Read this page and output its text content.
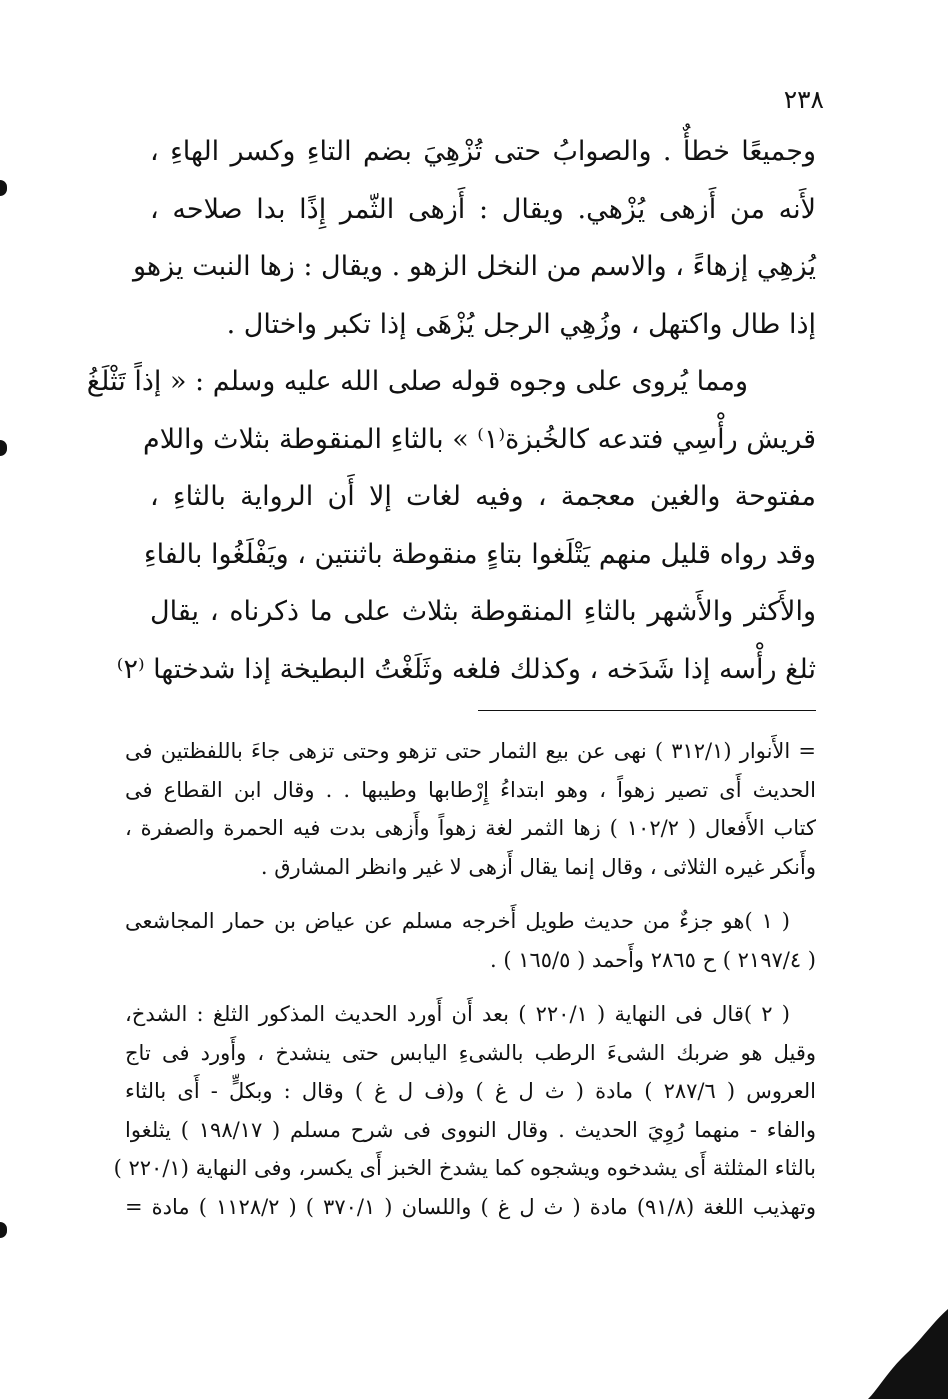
٢٣٨
وجميعًا خطأٌ . والصوابُ حتى تُزْهِيَ بضم التاءِ وكسر الهاءِ ،
لأَنه من أَزهى يُزْهي. ويقال : أَزهى الثّمر إِذًا بدا صلاحه ،
يُزهِي إزهاءً ، والاسم من النخل الزهو . ويقال : زها النبت يزهو
إذا طال واكتهل ، وزُهِي الرجل يُزْهَى إذا تكبر واختال .
ومما يُروى على وجوه قوله صلى الله عليه وسلم : « إذاً تَثْلَغُ
قريش رأْسِي فتدعه كالخُبزة⁽١⁾ » بالثاءِ المنقوطة بثلاث واللام
مفتوحة والغين معجمة ، وفيه لغات إلا أَن الرواية بالثاءِ ،
وقد رواه قليل منهم يَتْلَغوا بتاءٍ منقوطة باثنتين ، ويَفْلَغُوا بالفاءِ
والأَكثر والأَشهر بالثاءِ المنقوطة بثلاث على ما ذكرناه ، يقال
ثلغ رأْسه إذا شَدَخه ، وكذلك فلغه وثَلَغْتُ البطيخة إذا شدختها ⁽٢⁾
= الأَنوار (٣١٢/١ ) نهى عن بيع الثمار حتى تزهو وحتى تزهى جاءَ باللفظتين فى
الحديث أَى تصير زهواً ، وهو ابتداءُ إِرْطابها وطيبها . . وقال ابن القطاع فى
كتاب الأَفعال ( ١٠٢/٢ ) زها الثمر لغة زهواً وأَزهى بدت فيه الحمرة والصفرة ،
وأَنكر غيره الثلاثى ، وقال إنما يقال أَزهى لا غير وانظر المشارق .
( ١ )هو جزءٌ من حديث طويل أَخرجه مسلم عن عياض بن حمار المجاشعى
( ٢١٩٧/٤ ) ح ٢٨٦٥ وأَحمد ( ١٦٥/٥ ) .
( ٢ )قال فى النهاية ( ٢٢٠/١ ) بعد أَن أَورد الحديث المذكور الثلغ : الشدخ،
وقيل هو ضربك الشىءَ الرطب بالشىءِ اليابس حتى ينشدخ ، وأَورد فى تاج
العروس ( ٢٨٧/٦ ) مادة ( ث ل غ ) و(ف ل غ ) وقال : وبكلٍّ - أَى بالثاء
والفاء - منهما رُوِيَ الحديث . وقال النووى فى شرح مسلم ( ١٩٨/١٧ ) يثلغوا
بالثاء المثلثة أَى يشدخوه ويشجوه كما يشدخ الخبز أَى يكسر، وفى النهاية (٢٢٠/١ )
وتهذيب اللغة (٩١/٨) مادة ( ث ل غ ) واللسان ( ٣٧٠/١ ) ( ١١٢٨/٢ ) مادة =
